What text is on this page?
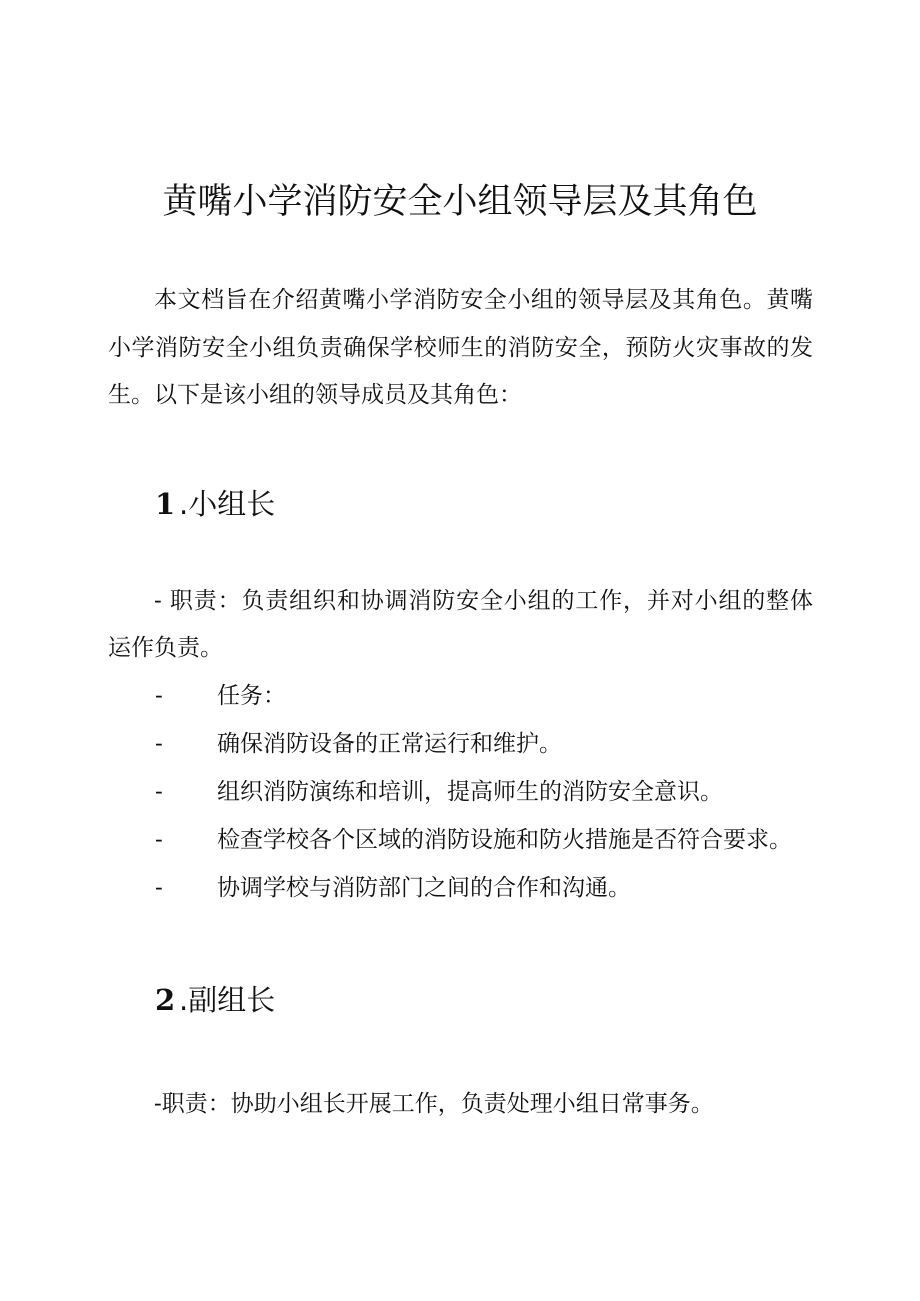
黄嘴小学消防安全小组领导层及其角色

本文档旨在介绍黄嘴小学消防安全小组的领导层及其角色。黄嘴小学消防安全小组负责确保学校师生的消防安全，预防火灾事故的发生。以下是该小组的领导成员及其角色：

1 .小组长

- 职责：负责组织和协调消防安全小组的工作，并对小组的整体运作负责。

- 任务：
- 确保消防设备的正常运行和维护。
- 组织消防演练和培训，提高师生的消防安全意识。
- 检查学校各个区域的消防设施和防火措施是否符合要求。
- 协调学校与消防部门之间的合作和沟通。
2 .副组长

-职责：协助小组长开展工作，负责处理小组日常事务。
